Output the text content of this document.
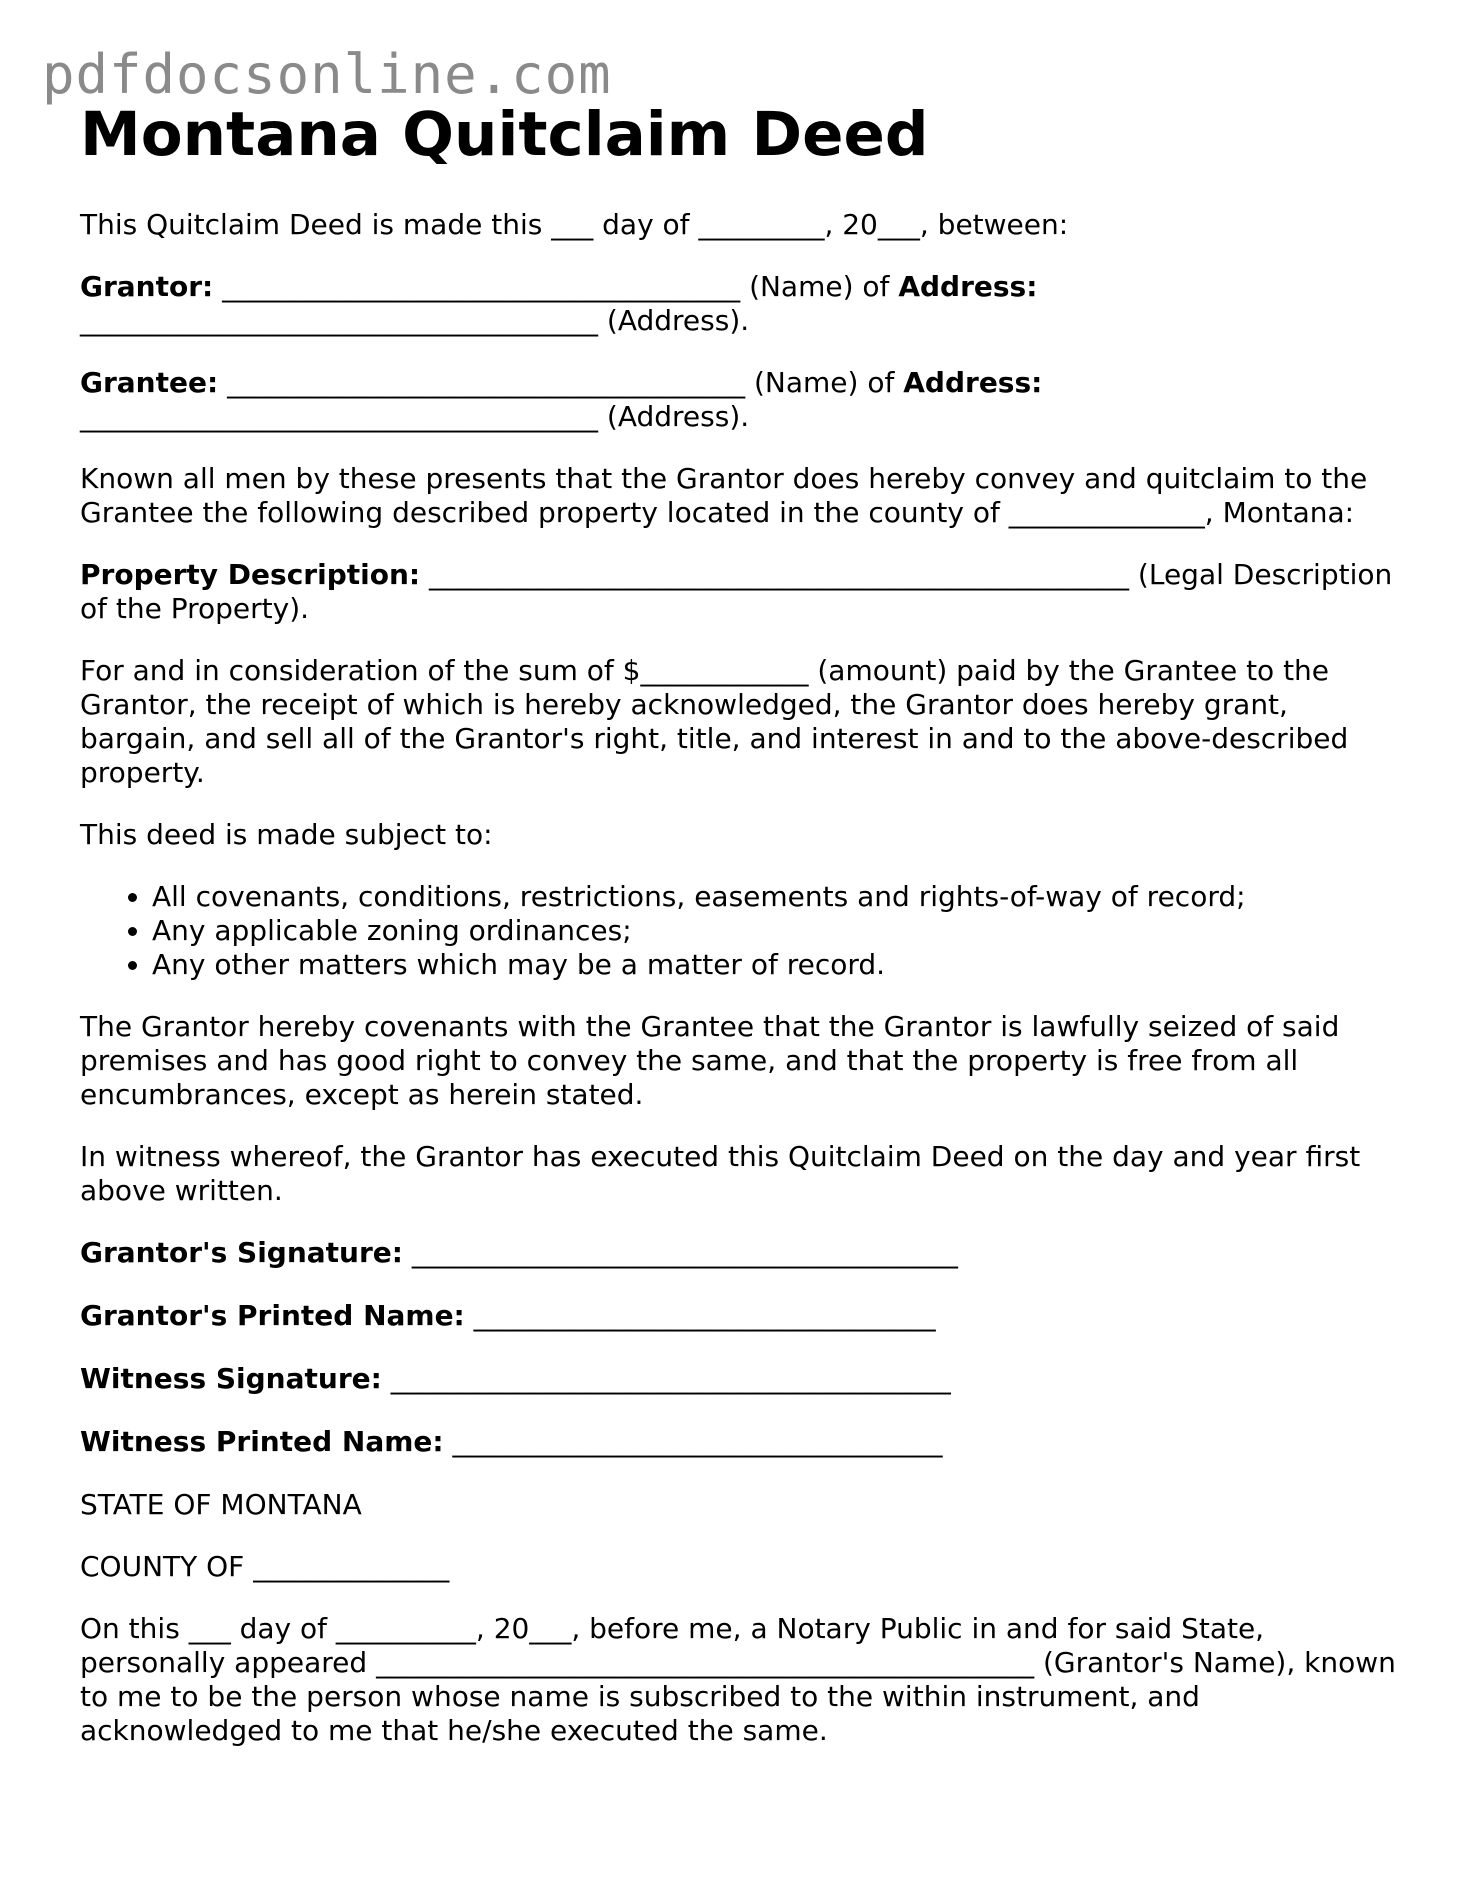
pdfdocsonline.com
Montana Quitclaim Deed

This Quitclaim Deed is made this ___ day of _________, 20___, between:

Grantor: _____________________________________ (Name) of Address:
_____________________________________ (Address).

Grantee: _____________________________________ (Name) of Address:
_____________________________________ (Address).

Known all men by these presents that the Grantor does hereby convey and quitclaim to the Grantee the following described property located in the county of ______________, Montana:

Property Description: __________________________________________________ (Legal Description of the Property).

For and in consideration of the sum of $____________ (amount) paid by the Grantee to the Grantor, the receipt of which is hereby acknowledged, the Grantor does hereby grant, bargain, and sell all of the Grantor's right, title, and interest in and to the above-described property.

This deed is made subject to:

• All covenants, conditions, restrictions, easements and rights-of-way of record;
• Any applicable zoning ordinances;
• Any other matters which may be a matter of record.

The Grantor hereby covenants with the Grantee that the Grantor is lawfully seized of said premises and has good right to convey the same, and that the property is free from all encumbrances, except as herein stated.

In witness whereof, the Grantor has executed this Quitclaim Deed on the day and year first above written.

Grantor's Signature: _______________________________________

Grantor's Printed Name: _________________________________

Witness Signature: ________________________________________

Witness Printed Name: ___________________________________

STATE OF MONTANA

COUNTY OF ______________

On this ___ day of __________, 20___, before me, a Notary Public in and for said State, personally appeared _______________________________________________ (Grantor's Name), known to me to be the person whose name is subscribed to the within instrument, and acknowledged to me that he/she executed the same.
